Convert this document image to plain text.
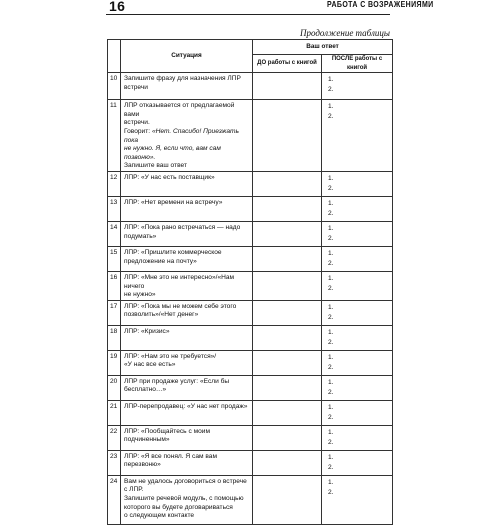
16	РАБОТА С ВОЗРАЖЕНИЯМИ
Продолжение таблицы
	Ситуация	Ваш ответ	
		ДО работы с книгой	ПОСЛЕ работы с книгой
10	Запишите фразу для назначения ЛПР
встречи		1.
2.

11	ЛПР отказывается от предлагаемой вами
встречи.
Говорит: «Нет. Спасибо! Приезжать пока
не нужно. Я, если что, вам сам позвоню».
Запишите ваш ответ		1.
2.

12	ЛПР: «У нас есть поставщик»		1.
2.

13	ЛПР: «Нет времени на встречу»		1.
2.

14	ЛПР: «Пока рано встречаться — надо
подумать»		1.
2.

15	ЛПР: «Пришлите коммерческое
предложение на почту»		1.
2.

16	ЛПР: «Мне это не интересно»/«Нам ничего
не нужно»		1.
2.

17	ЛПР: «Пока мы не можем себе этого
позволить»/«Нет денег»		1.
2.

18	ЛПР: «Кризис»		1.
2.

19	ЛПР: «Нам это не требуется»/
«У нас все есть»		1.
2.

20	ЛПР при продаже услуг: «Если бы
бесплатно…»		1.
2.

21	ЛПР-перепродавец: «У нас нет продаж»		1.
2.

22	ЛПР: «Пообщайтесь с моим
подчиненным»		1.
2.

23	ЛПР: «Я все понял. Я сам вам перезвоню»		1.
2.

24	Вам не удалось договориться о встрече
с ЛПР.
Запишите речевой модуль, с помощью
которого вы будете договариваться
о следующем контакте		1.
2.
